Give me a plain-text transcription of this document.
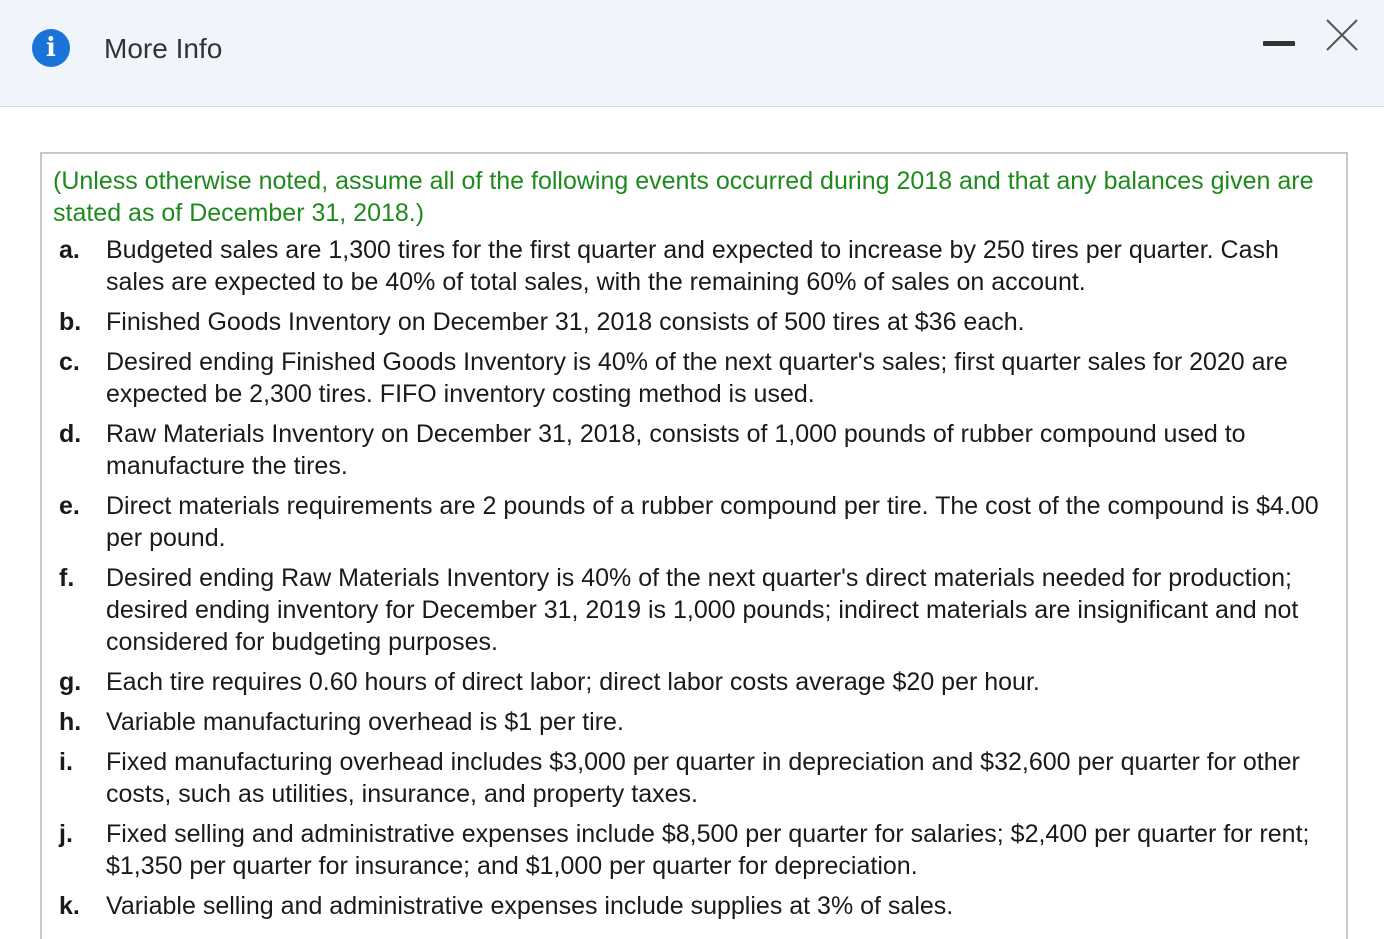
i More Info
(Unless otherwise noted, assume all of the following events occurred during 2018 and that any balances given are stated as of December 31, 2018.)
a. Budgeted sales are 1,300 tires for the first quarter and expected to increase by 250 tires per quarter. Cash sales are expected to be 40% of total sales, with the remaining 60% of sales on account.
b. Finished Goods Inventory on December 31, 2018 consists of 500 tires at $36 each.
c. Desired ending Finished Goods Inventory is 40% of the next quarter's sales; first quarter sales for 2020 are expected be 2,300 tires. FIFO inventory costing method is used.
d. Raw Materials Inventory on December 31, 2018, consists of 1,000 pounds of rubber compound used to manufacture the tires.
e. Direct materials requirements are 2 pounds of a rubber compound per tire. The cost of the compound is $4.00 per pound.
f. Desired ending Raw Materials Inventory is 40% of the next quarter's direct materials needed for production; desired ending inventory for December 31, 2019 is 1,000 pounds; indirect materials are insignificant and not considered for budgeting purposes.
g. Each tire requires 0.60 hours of direct labor; direct labor costs average $20 per hour.
h. Variable manufacturing overhead is $1 per tire.
i. Fixed manufacturing overhead includes $3,000 per quarter in depreciation and $32,600 per quarter for other costs, such as utilities, insurance, and property taxes.
j. Fixed selling and administrative expenses include $8,500 per quarter for salaries; $2,400 per quarter for rent; $1,350 per quarter for insurance; and $1,000 per quarter for depreciation.
k. Variable selling and administrative expenses include supplies at 3% of sales.
